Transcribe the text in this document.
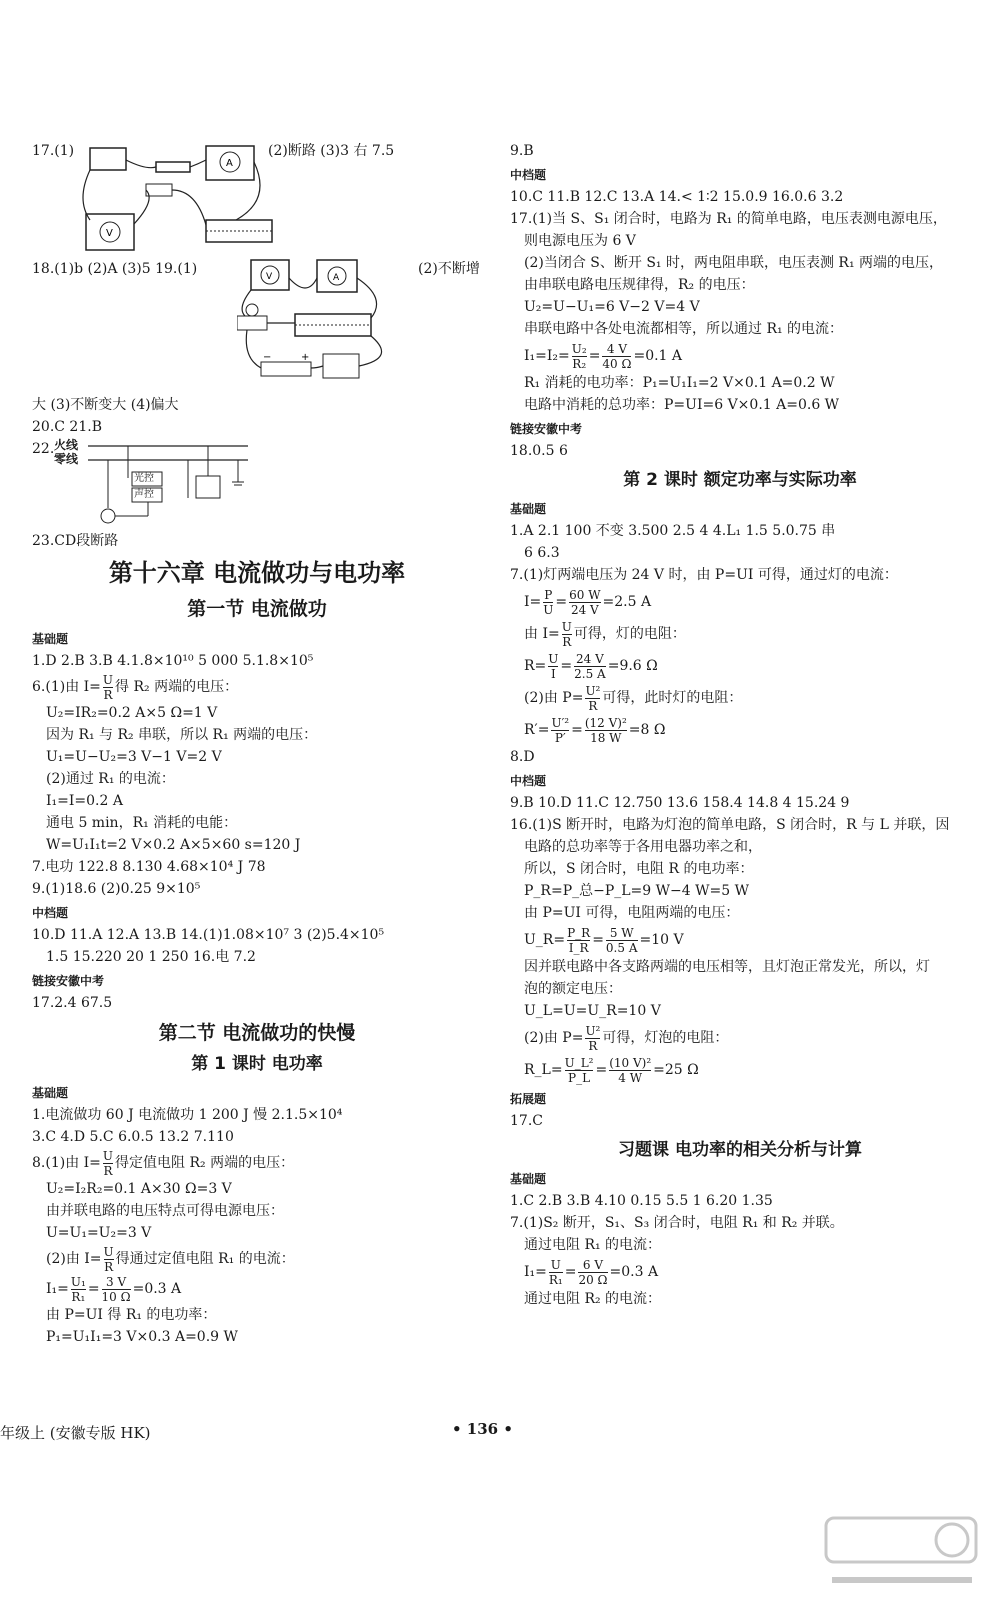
17.(1)
A
V
(2)断路 (3)3 右 7.5
18.(1)b (2)A (3)5 19.(1)	V	A
−	+
(2)不断增
大 (3)不断变大 (4)偏大
20.C 21.B
22. 火线
零线
光控
声控
23.CD段断路
第十六章 电流做功与电功率
第一节 电流做功
基础题
1.D 2.B 3.B 4.1.8×10¹⁰ 5 000 5.1.8×10⁵
6.(1)由 $I= \frac{U}{R}$ 得 R₂ 两端的电压：
U₂=IR₂=0.2 A×5 Ω=1 V
因为 R₁ 与 R₂ 串联，所以 R₁ 两端的电压：
U₁=U−U₂=3 V−1 V=2 V
(2)通过 R₁ 的电流：
I₁=I=0.2 A
通电 5 min，R₁ 消耗的电能：
W=U₁I₁t=2 V×0.2 A×5×60 s=120 J
7.电功 122.8 8.130 4.68×10⁴ J 78
9.(1)18.6 (2)0.25 9×10⁵
中档题
10.D 11.A 12.A 13.B 14.(1)1.08×10⁷ 3 (2)5.4×10⁵
1.5 15.220 20 1 250 16.电 7.2
链接安徽中考
17.2.4 67.5
第二节 电流做功的快慢
第 1 课时 电功率
基础题
1.电流做功 60 J 电流做功 1 200 J 慢 2.1.5×10⁴
3.C 4.D 5.C 6.0.5 13.2 7.110
8.(1)由 $I= \frac{U}{R}$ 得定值电阻 R₂ 两端的电压：
U₂=I₂R₂=0.1 A×30 Ω=3 V
由并联电路的电压特点可得电源电压：
U=U₁=U₂=3 V
(2)由 $I= \frac{U}{R}$ 得通过定值电阻 R₁ 的电流：
$I_1= \frac{\text{U₁}}{\text{R₁}} = \frac{3 V}{10 \Omega} =0.3$ A
由 P=UI 得 R₁ 的电功率：
P₁=U₁I₁=3 V×0.3 A=0.9 W
9.B
中档题
10.C 11.B 12.C 13.A 14.< 1∶2 15.0.9 16.0.6 3.2
17.(1)当 S、S₁ 闭合时，电路为 R₁ 的简单电路，电压表测电源电压，
则电源电压为 6 V
(2)当闭合 S、断开 S₁ 时，两电阻串联，电压表测 R₁ 两端的电压，
由串联电路电压规律得，R₂ 的电压：
U₂=U−U₁=6 V−2 V=4 V
串联电路中各处电流都相等，所以通过 R₁ 的电流：
$I_1=I_2= \frac{\text{U₂}}{\text{R₂}} = \frac{4 V}{40 \Omega} =0.1$ A
R₁ 消耗的电功率：P₁=U₁I₁=2 V×0.1 A=0.2 W
电路中消耗的总功率：P=UI=6 V×0.1 A=0.6 W
链接安徽中考
18.0.5 6
第 2 课时 额定功率与实际功率
基础题
1.A 2.1 100 不变 3.500 2.5 4 4.L₁ 1.5 5.0.75 串
6 6.3
7.(1)灯两端电压为 24 V 时，由 P=UI 可得，通过灯的电流：
$I= \frac{P}{U} = \frac{60 W}{24 V} =2.5$ A
由 $I= \frac{U}{R}$ 可得，灯的电阻：
$R= \frac{U}{I} = \frac{24 V}{2.5 A} =9.6$ Ω
(2)由 $P= \frac{\text{U²}}{R}$ 可得，此时灯的电阻：
$R'= \frac{\text{U′²}}{P'} = \frac{\text{(12 V)²}}{18 W} =8$ Ω
8.D
中档题
9.B 10.D 11.C 12.750 13.6 158.4 14.8 4 15.24 9
16.(1)S 断开时，电路为灯泡的简单电路，S 闭合时，R 与 L 并联，因
电路的总功率等于各用电器功率之和，
所以，S 闭合时，电阻 R 的电功率：
P_R=P_总−P_L=9 W−4 W=5 W
由 P=UI 可得，电阻两端的电压：
U_R= $\frac{P\_R}{I\_R} = \frac{5 W}{0.5 A} =10$ V
因并联电路中各支路两端的电压相等，且灯泡正常发光，所以，灯
泡的额定电压：
U_L=U=U_R=10 V
(2)由 $P= \frac{\text{U²}}{R}$ 可得，灯泡的电阻：
R_L= $\frac{\text{U\_L²}}{P\_L} = \frac{\text{(10 V)²}}{4 W} =25$ Ω
拓展题
17.C
习题课 电功率的相关分析与计算
基础题
1.C 2.B 3.B 4.10 0.15 5.5 1 6.20 1.35
7.(1)S₂ 断开，S₁、S₃ 闭合时，电阻 R₁ 和 R₂ 并联。
通过电阻 R₁ 的电流：
$I_1= \frac{U}{\text{R₁}} = \frac{6 V}{20 \Omega} =0.3$ A
通过电阻 R₂ 的电流：
年级上 (安徽专版 HK)	• 136 •
